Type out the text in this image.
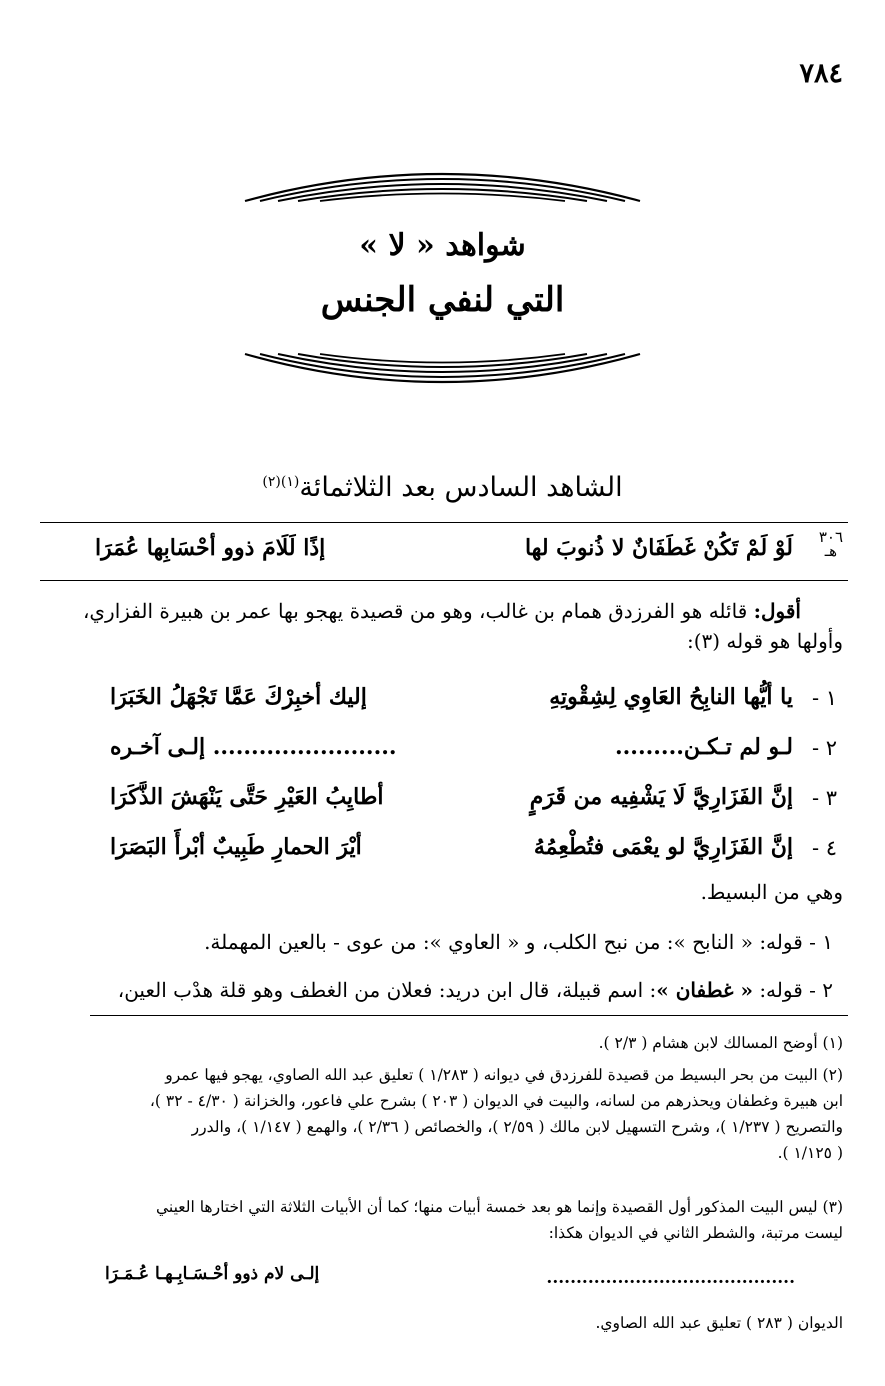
٧٨٤
شواهد « لا »
التي لنفي الجنس
الشاهد السادس بعد الثلاثمائة$^{(١)(٢)}$
٣٠٦
هـ
لَوْ لَمْ تَكُنْ غَطَفَانٌ لا ذُنوبَ لها
إذًا لَلَامَ ذوو أحْسَابِها عُمَرَا
أقول: قائله هو الفرزدق همام بن غالب، وهو من قصيدة يهجو بها عمر بن هبيرة الفزاري،
وأولها هو قوله (٣):
١ -
يا أيُّها النابِحُ العَاوِي لِشِقْوتِهِ
إليك أخبِرْكَ عَمَّا تَجْهَلُ الخَبَرَا
٢ -
لـو لم تـكـن.........
........................ إلـى آخـره
٣ -
إنَّ الفَزَارِيَّ لَا يَشْفِيه من قَرَمٍ
أطايِبُ العَيْرِ حَتَّى يَنْهَشَ الذَّكَرَا
٤ -
إنَّ الفَزَارِيَّ لو يعْمَى فتُطْعِمُهُ
أيْرَ الحمارِ طَبِيبٌ أبْرأَ البَصَرَا
وهي من البسيط.
١ - قوله: « النابح »: من نبح الكلب، و « العاوي »: من عوى - بالعين المهملة.
٢ - قوله: « غطفان »: اسم قبيلة، قال ابن دريد: فعلان من الغطف وهو قلة هدْب العين،
(١) أوضح المسالك لابن هشام ( ٢/٣ ).
(٢) البيت من بحر البسيط من قصيدة للفرزدق في ديوانه ( ١/٢٨٣ ) تعليق عبد الله الصاوي، يهجو فيها عمرو
ابن هبيرة وغطفان ويحذرهم من لسانه، والبيت في الديوان ( ٢٠٣ ) بشرح علي فاعور، والخزانة ( ٤/٣٠ - ٣٢ )،
والتصريح ( ١/٢٣٧ )، وشرح التسهيل لابن مالك ( ٢/٥٩ )، والخصائص ( ٢/٣٦ )، والهمع ( ١/١٤٧ )، والدرر
( ١/١٢٥ ).
(٣) ليس البيت المذكور أول القصيدة وإنما هو بعد خمسة أبيات منها؛ كما أن الأبيات الثلاثة التي اختارها العيني
ليست مرتبة، والشطر الثاني في الديوان هكذا:
..........................................
إلـى لام ذوو أحْـسَـابِـهـا عُـمَـرَا
الديوان ( ٢٨٣ ) تعليق عبد الله الصاوي.
